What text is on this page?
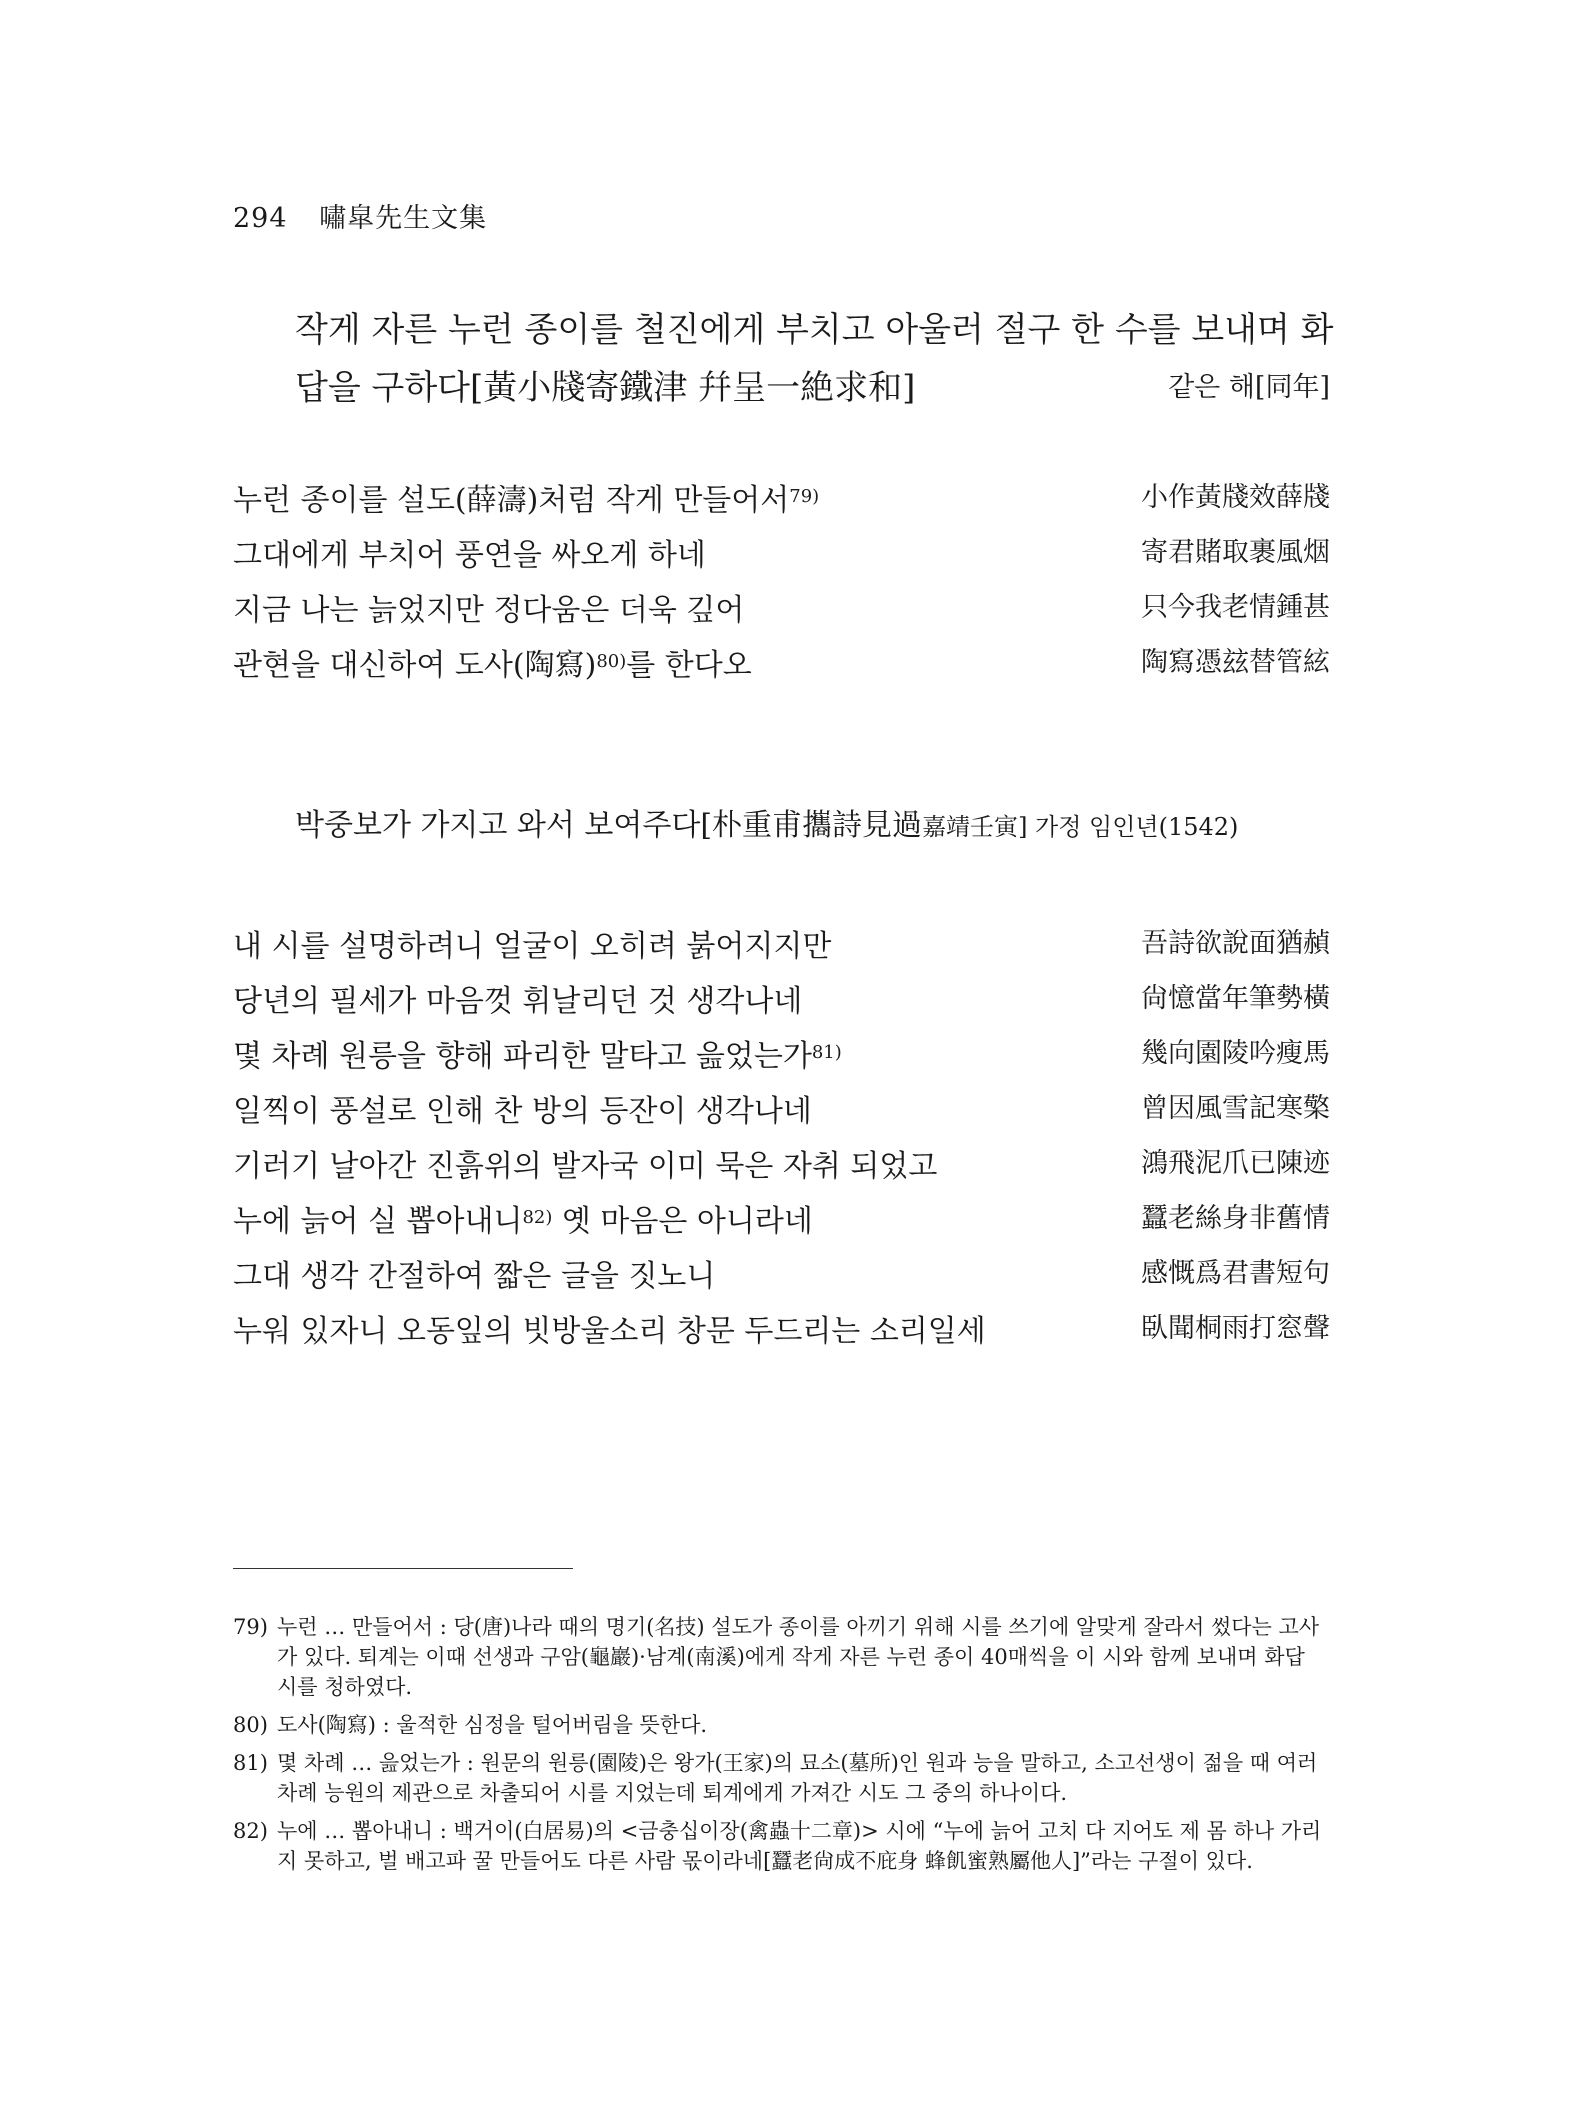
294 嘯皐先生文集
작게 자른 누런 종이를 철진에게 부치고 아울러 절구 한 수를 보내며 화
답을 구하다[黃小牋寄鐵津 幷呈一絶求和]	같은 해[同年]
누런 종이를 설도(薛濤)처럼 작게 만들어서$^{79)}$	小作黃牋效薛牋
그대에게 부치어 풍연을 싸오게 하네	寄君賭取裹風烟
지금 나는 늙었지만 정다움은 더욱 깊어	只今我老情鍾甚
관현을 대신하여 도사(陶寫)$^{80)}$를 한다오	陶寫憑玆替管絃
박중보가 가지고 와서 보여주다[朴重甫攜詩見過嘉靖壬寅] 가정 임인년(1542)
내 시를 설명하려니 얼굴이 오히려 붉어지지만	吾詩欲說面猶赬
당년의 필세가 마음껏 휘날리던 것 생각나네	尙憶當年筆勢橫
몇 차례 원릉을 향해 파리한 말타고 읊었는가$^{81)}$	幾向園陵吟瘦馬
일찍이 풍설로 인해 찬 방의 등잔이 생각나네	曾因風雪記寒檠
기러기 날아간 진흙위의 발자국 이미 묵은 자취 되었고	鴻飛泥爪已陳迹
누에 늙어 실 뽑아내니$^{82)}$ 옛 마음은 아니라네	蠶老絲身非舊情
그대 생각 간절하여 짧은 글을 짓노니	感慨爲君書短句
누워 있자니 오동잎의 빗방울소리 창문 두드리는 소리일세	臥聞桐雨打窓聲
79) 누런 … 만들어서 : 당(唐)나라 때의 명기(名技) 설도가 종이를 아끼기 위해 시를 쓰기에 알맞게 잘라서 썼다는 고사가 있다. 퇴계는 이때 선생과 구암(龜巖)·남계(南溪)에게 작게 자른 누런 종이 40매씩을 이 시와 함께 보내며 화답 시를 청하였다.
80) 도사(陶寫) : 울적한 심정을 털어버림을 뜻한다.
81) 몇 차례 … 읊었는가 : 원문의 원릉(園陵)은 왕가(王家)의 묘소(墓所)인 원과 능을 말하고, 소고선생이 젊을 때 여러 차례 능원의 제관으로 차출되어 시를 지었는데 퇴계에게 가져간 시도 그 중의 하나이다.
82) 누에 … 뽑아내니 : 백거이(白居易)의 <금충십이장(禽蟲十二章)> 시에 “누에 늙어 고치 다 지어도 제 몸 하나 가리지 못하고, 벌 배고파 꿀 만들어도 다른 사람 몫이라네[蠶老尙成不庇身 蜂飢蜜熟屬他人]”라는 구절이 있다.
